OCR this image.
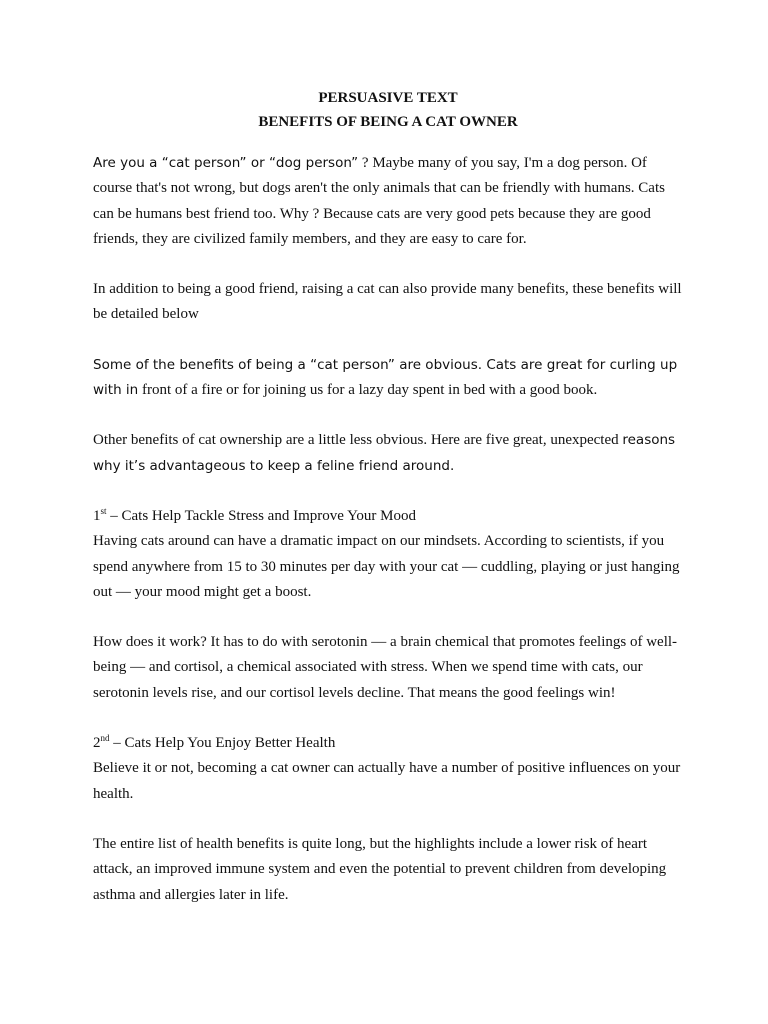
PERSUASIVE TEXT
BENEFITS OF BEING A CAT OWNER

Are you a “cat person” or “dog person” ? Maybe many of you say, I'm a dog person. Of course that's not wrong, but dogs aren't the only animals that can be friendly with humans. Cats can be humans best friend too. Why ? Because cats are very good pets because they are good friends, they are civilized family members, and they are easy to care for.

In addition to being a good friend, raising a cat can also provide many benefits, these benefits will be detailed below

Some of the benefits of being a “cat person” are obvious. Cats are great for curling up with in front of a fire or for joining us for a lazy day spent in bed with a good book.

Other benefits of cat ownership are a little less obvious. Here are five great, unexpected reasons why it’s advantageous to keep a feline friend around.

1st – Cats Help Tackle Stress and Improve Your Mood

Having cats around can have a dramatic impact on our mindsets. According to scientists, if you spend anywhere from 15 to 30 minutes per day with your cat — cuddling, playing or just hanging out — your mood might get a boost.

How does it work? It has to do with serotonin — a brain chemical that promotes feelings of well-being — and cortisol, a chemical associated with stress. When we spend time with cats, our serotonin levels rise, and our cortisol levels decline. That means the good feelings win!

2nd – Cats Help You Enjoy Better Health

Believe it or not, becoming a cat owner can actually have a number of positive influences on your health.

The entire list of health benefits is quite long, but the highlights include a lower risk of heart attack, an improved immune system and even the potential to prevent children from developing asthma and allergies later in life.
